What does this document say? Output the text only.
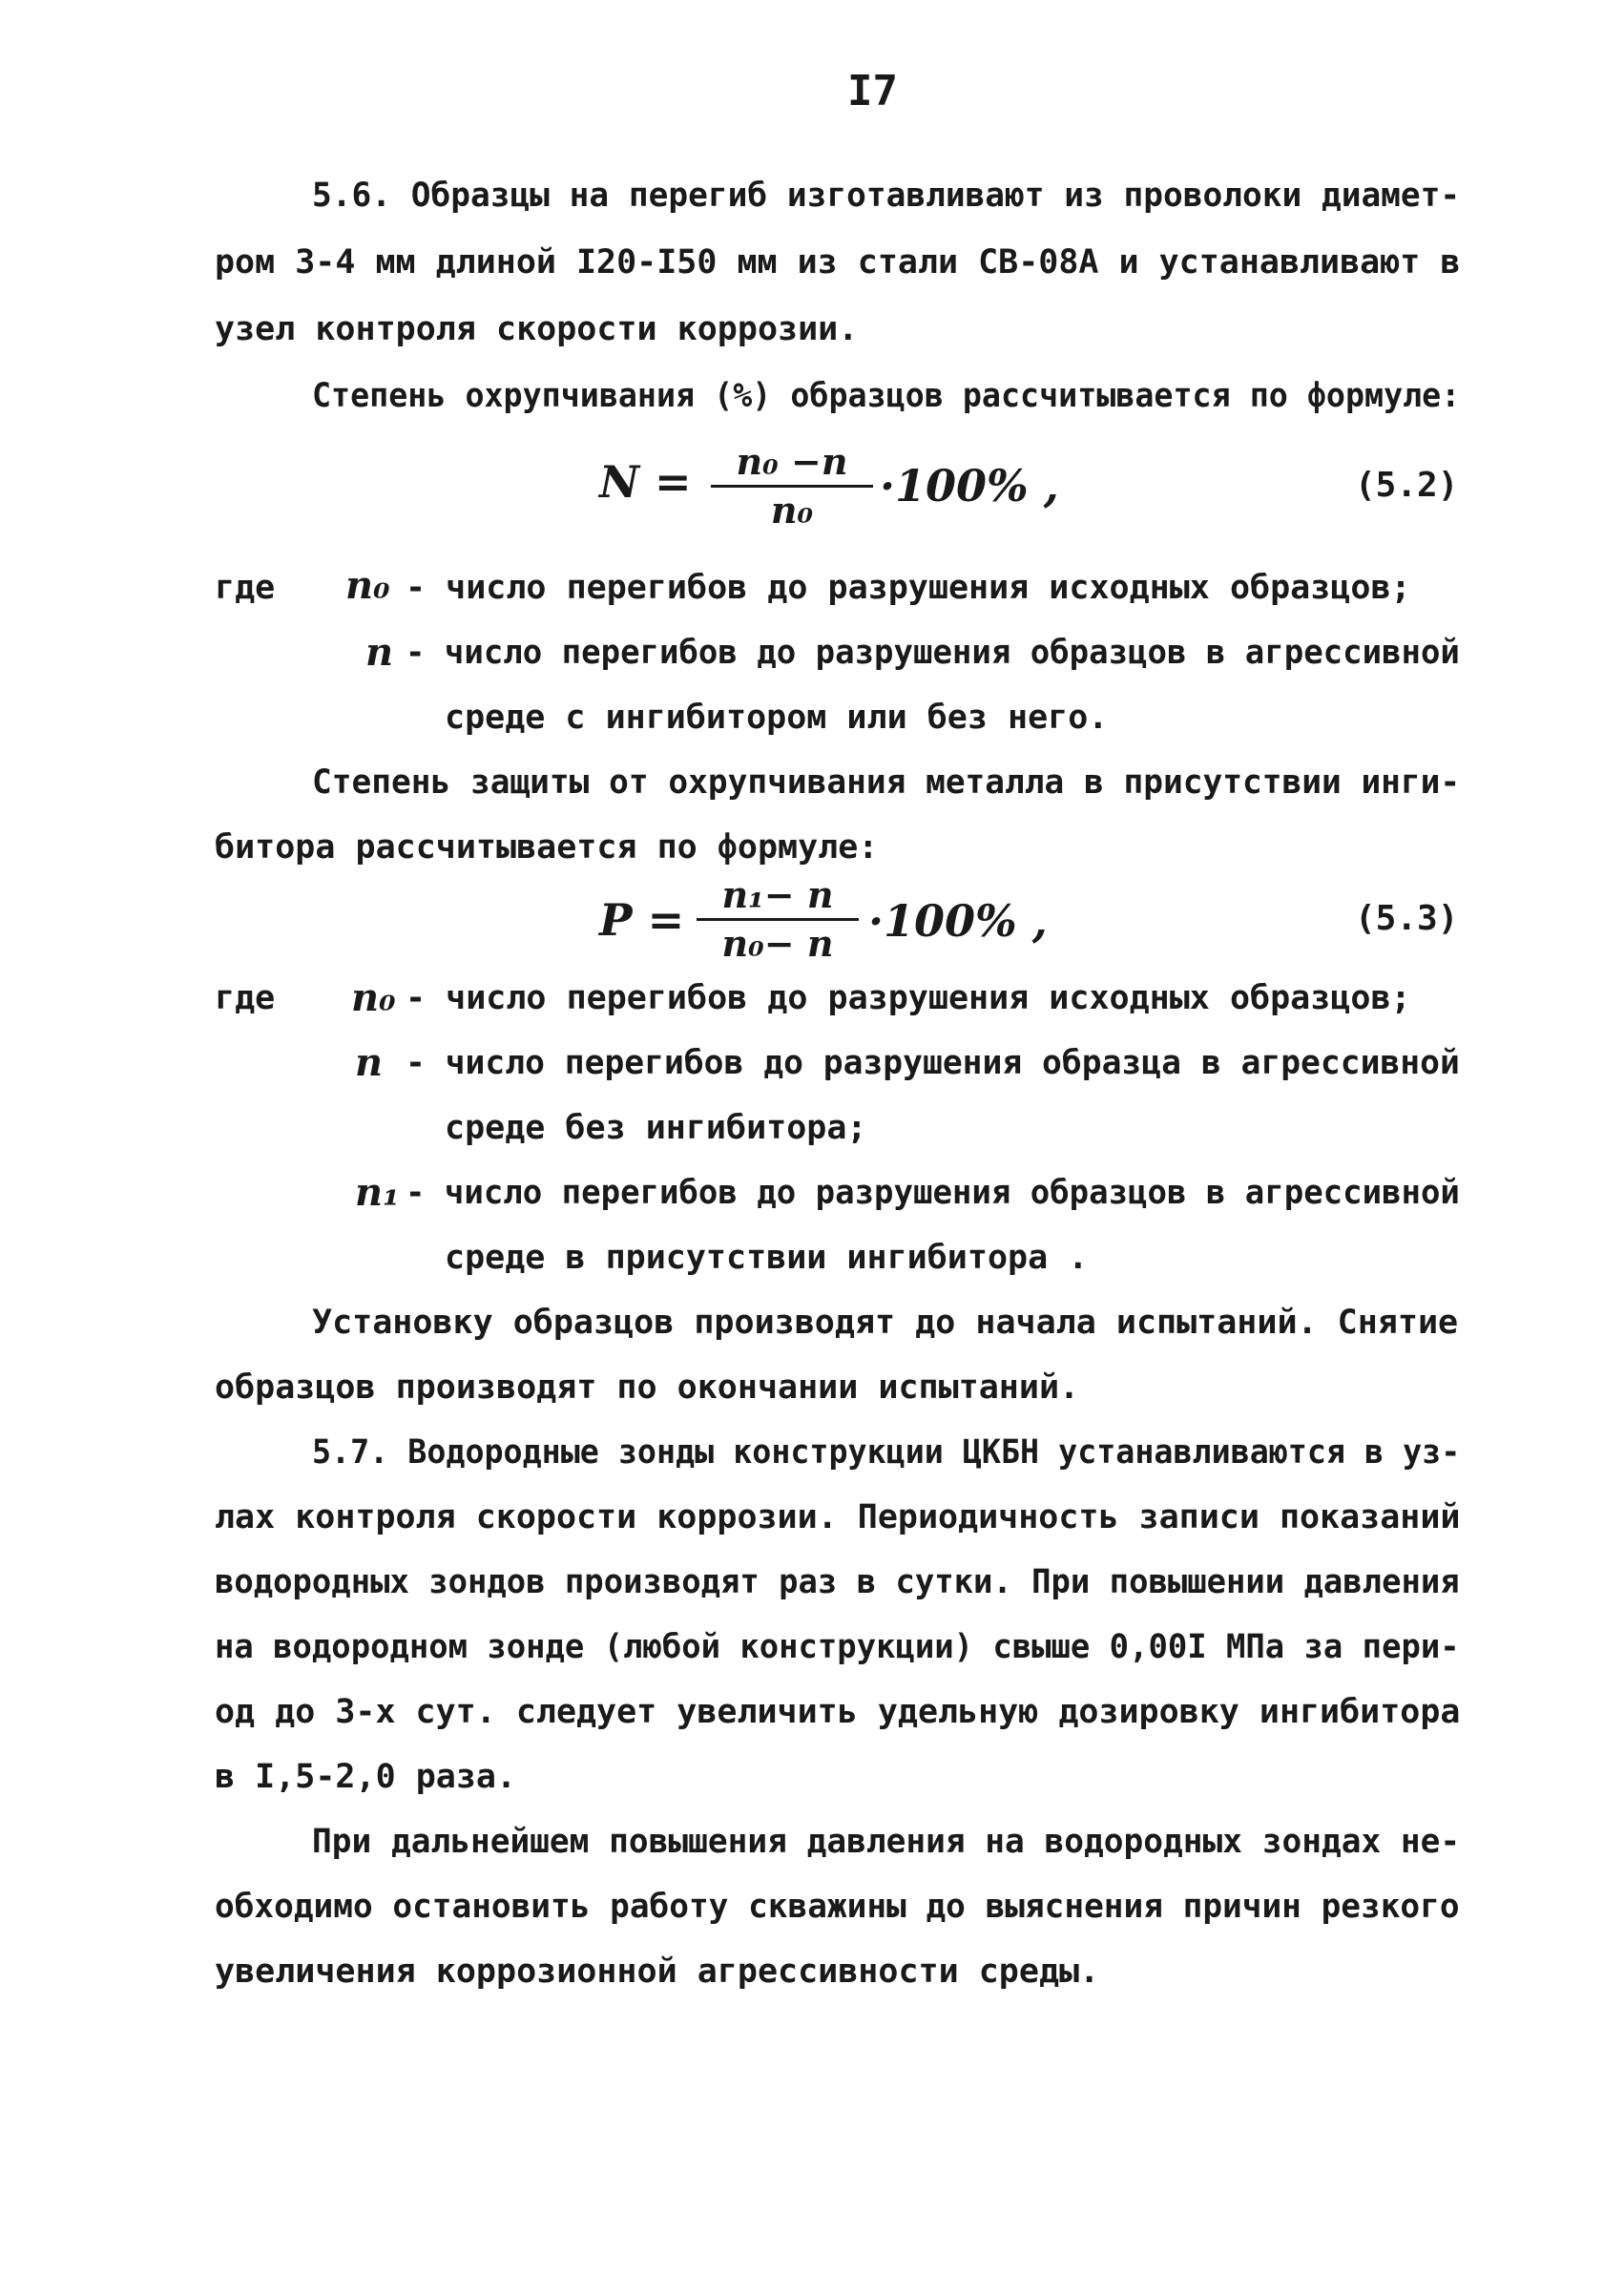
I7
5.6. Образцы на перегиб изготавливают из проволоки диамет-
ром 3-4 мм длиной I20-I50 мм из стали СВ-08А и устанавливают в
узел контроля скорости коррозии.
Степень охрупчивания (%) образцов рассчитывается по формуле:
N = n₀ −n
n₀ ·100% ,	(5.2)
где n₀ - число перегибов до разрушения исходных образцов;
n - число перегибов до разрушения образцов в агрессивной
среде с ингибитором или без него.
Степень защиты от охрупчивания металла в присутствии инги-
битора рассчитывается по формуле:
P = n₁− n
n₀− n ·100% ,	(5.3)
где n₀ - число перегибов до разрушения исходных образцов;
n - число перегибов до разрушения образца в агрессивной
среде без ингибитора;
n₁ - число перегибов до разрушения образцов в агрессивной
среде в присутствии ингибитора .
Установку образцов производят до начала испытаний. Снятие
образцов производят по окончании испытаний.
5.7. Водородные зонды конструкции ЦКБН устанавливаются в уз-
лах контроля скорости коррозии. Периодичность записи показаний
водородных зондов производят раз в сутки. При повышении давления
на водородном зонде (любой конструкции) свыше 0,00I МПа за пери-
од до 3-х сут. следует увеличить удельную дозировку ингибитора
в I,5-2,0 раза.
При дальнейшем повышения давления на водородных зондах не-
обходимо остановить работу скважины до выяснения причин резкого
увеличения коррозионной агрессивности среды.
